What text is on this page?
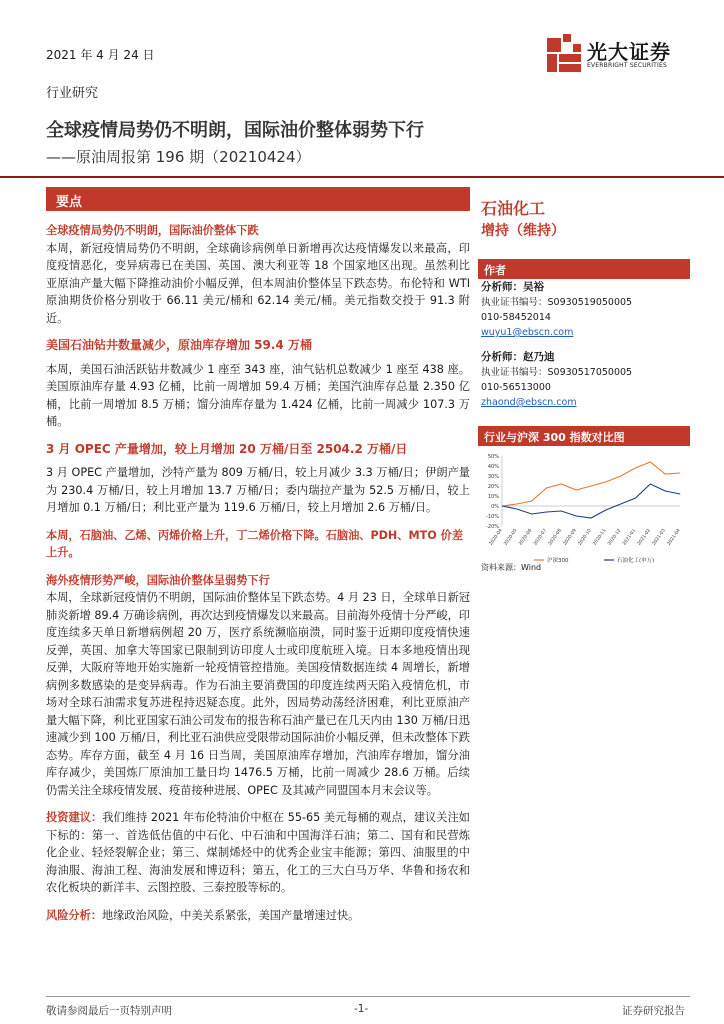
2021 年 4 月 24 日	光大证券
EVERBRIGHT SECURITIES
行业研究
全球疫情局势仍不明朗，国际油价整体弱势下行
——原油周报第 196 期（20210424）
要点
全球疫情局势仍不明朗，国际油价整体下跌

本周，新冠疫情局势仍不明朗，全球确诊病例单日新增再次达疫情爆发以来最高，印度疫情恶化，变异病毒已在美国、英国、澳大利亚等 18 个国家地区出现。虽然利比亚原油产量大幅下降推动油价小幅反弹，但本周油价整体呈下跌态势。布伦特和 WTI 原油期货价格分别收于 66.11 美元/桶和 62.14 美元/桶。美元指数交投于 91.3 附近。

美国石油钻井数量减少，原油库存增加 59.4 万桶

本周，美国石油活跃钻井数减少 1 座至 343 座，油气钻机总数减少 1 座至 438 座。美国原油库存量 4.93 亿桶，比前一周增加 59.4 万桶；美国汽油库存总量 2.350 亿桶，比前一周增加 8.5 万桶；馏分油库存量为 1.424 亿桶，比前一周减少 107.3 万桶。

3 月 OPEC 产量增加，较上月增加 20 万桶/日至 2504.2 万桶/日

3 月 OPEC 产量增加，沙特产量为 809 万桶/日，较上月减少 3.3 万桶/日；伊朗产量为 230.4 万桶/日，较上月增加 13.7 万桶/日；委内瑞拉产量为 52.5 万桶/日，较上月增加 0.1 万桶/日；利比亚产量为 119.6 万桶/日，较上月增加 2.6 万桶/日。

本周，石脑油、乙烯、丙烯价格上升，丁二烯价格下降。石脑油、PDH、MTO 价差上升。
海外疫情形势严峻，国际油价整体呈弱势下行

本周，全球新冠疫情仍不明朗，国际油价整体呈下跌态势。4 月 23 日，全球单日新冠肺炎新增 89.4 万确诊病例，再次达到疫情爆发以来最高。目前海外疫情十分严峻，印度连续多天单日新增病例超 20 万，医疗系统濒临崩溃，同时鉴于近期印度疫情快速反弹，英国、加拿大等国家已限制到访印度人士或印度航班入境。日本多地疫情出现反弹，大阪府等地开始实施新一轮疫情管控措施。美国疫情数据连续 4 周增长，新增病例多数感染的是变异病毒。作为石油主要消费国的印度连续两天陷入疫情危机，市场对全球石油需求复苏进程持迟疑态度。此外，因局势动荡经济困难，利比亚原油产量大幅下降，利比亚国家石油公司发布的报告称石油产量已在几天内由 130 万桶/日迅速减少到 100 万桶/日，利比亚石油供应受限带动国际油价小幅反弹，但未改整体下跌态势。库存方面，截至 4 月 16 日当周，美国原油库存增加，汽油库存增加，馏分油库存减少，美国炼厂原油加工量日均 1476.5 万桶，比前一周减少 28.6 万桶。后续仍需关注全球疫情发展、疫苗接种进展、OPEC 及其减产同盟国本月末会议等。

投资建议：我们维持 2021 年布伦特油价中枢在 55-65 美元每桶的观点，建议关注如下标的：第一、首选低估值的中石化、中石油和中国海洋石油；第二、国有和民营炼化企业、轻烃裂解企业；第三、煤制烯烃中的优秀企业宝丰能源；第四、油服里的中海油服、海油工程、海油发展和博迈科；第五，化工的三大白马万华、华鲁和扬农和农化板块的新洋丰、云图控股、三泰控股等标的。

风险分析：地缘政治风险，中美关系紧张，美国产量增速过快。

石油化工
增持（维持）
作者
分析师：吴裕
执业证书编号：S0930519050005
010-58452014
wuyu1@ebscn.com
分析师：赵乃迪
执业证书编号：S0930517050005
010-56513000
zhaond@ebscn.com
行业与沪深 300 指数对比图
-20%
-10%
0%
10%
20%
30%
40%
50%
2020-04 2020-05 2020-06 2020-07 2020-08 2020-09 2020-10 2020-11 2020-12 2021-01 2021-02 2021-03 2021-04
沪深300	石油化工(申万)
资料来源：Wind
敬请参阅最后一页特别声明	-1-	证券研究报告
